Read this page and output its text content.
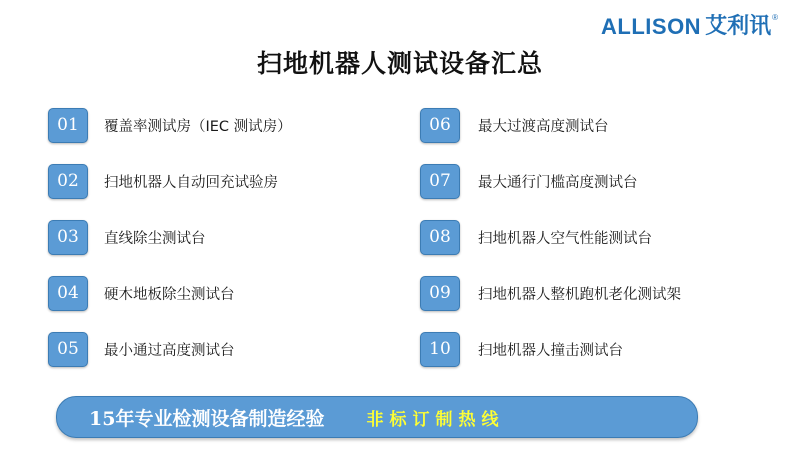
ALLISON 艾利讯 ®
扫地机器人测试设备汇总
01 覆盖率测试房（IEC 测试房）
02 扫地机器人自动回充试验房
03 直线除尘测试台
04 硬木地板除尘测试台
05 最小通过高度测试台
06 最大过渡高度测试台
07 最大通行门槛高度测试台
08 扫地机器人空气性能测试台
09 扫地机器人整机跑机老化测试架
10 扫地机器人撞击测试台
15年专业检测设备制造经验 非标订制热线
